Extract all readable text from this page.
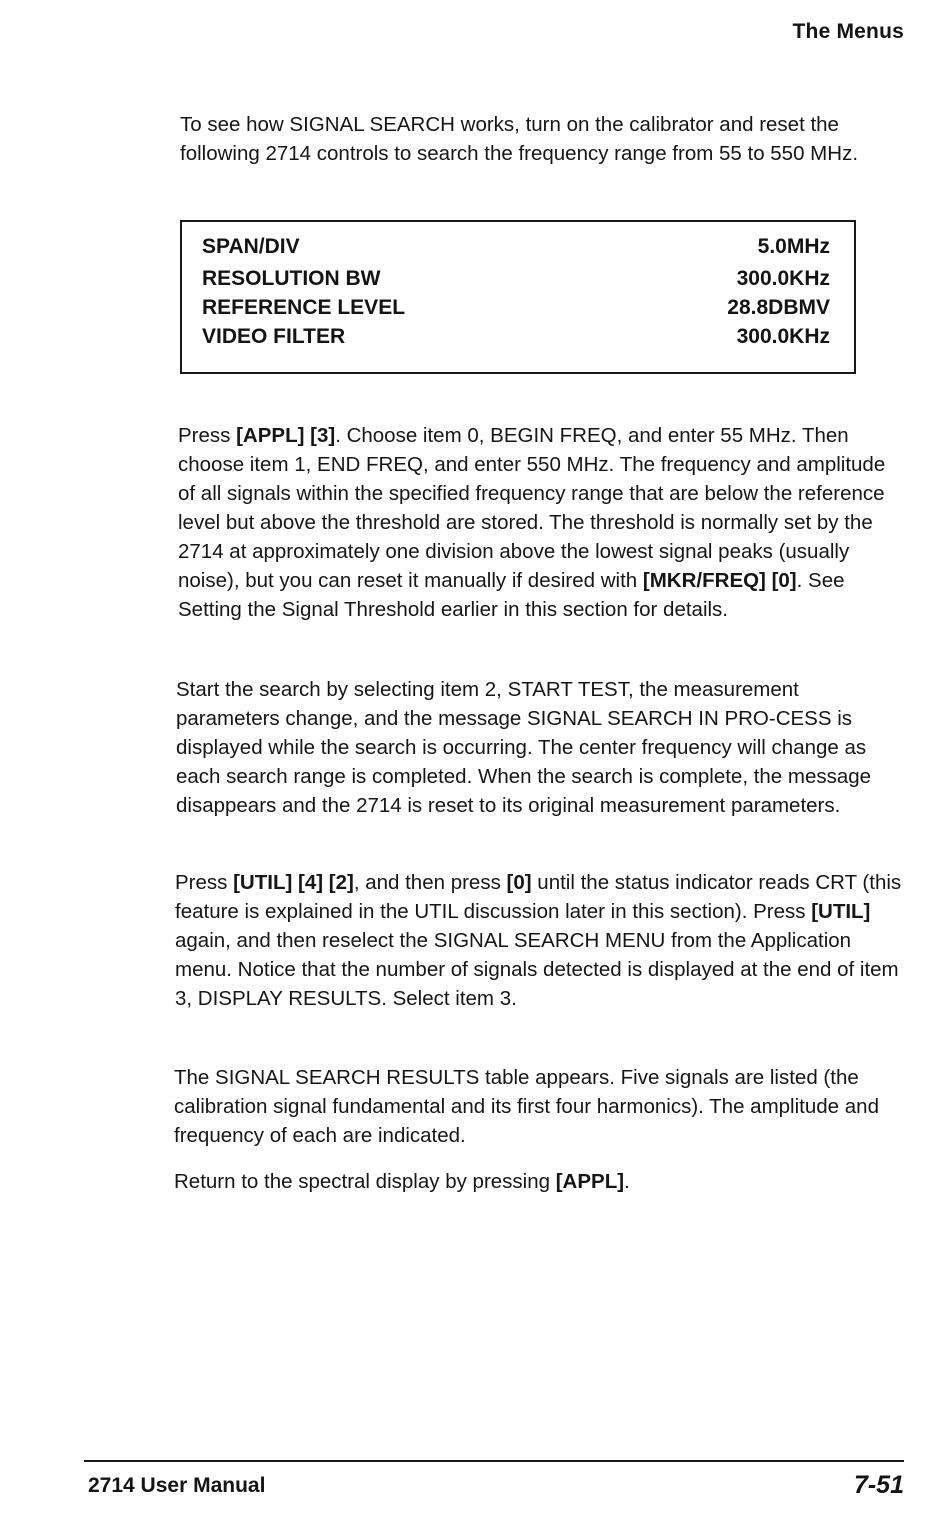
The Menus

To see how SIGNAL SEARCH works, turn on the calibrator and reset the following 2714 controls to search the frequency range from 55 to 550 MHz.

SPAN/DIV	5.0MHz
RESOLUTION BW	300.0KHz
REFERENCE LEVEL	28.8DBMV
VIDEO FILTER	300.0KHz

Press [APPL] [3]. Choose item 0, BEGIN FREQ, and enter 55 MHz. Then choose item 1, END FREQ, and enter 550 MHz. The frequency and amplitude of all signals within the specified frequency range that are below the reference level but above the threshold are stored. The threshold is normally set by the 2714 at approximately one division above the lowest signal peaks (usually noise), but you can reset it manually if desired with [MKR/FREQ] [0]. See Setting the Signal Threshold earlier in this section for details.

Start the search by selecting item 2, START TEST, the measurement parameters change, and the message SIGNAL SEARCH IN PRO-CESS is displayed while the search is occurring. The center frequency will change as each search range is completed. When the search is complete, the message disappears and the 2714 is reset to its original measurement parameters.

Press [UTIL] [4] [2], and then press [0] until the status indicator reads CRT (this feature is explained in the UTIL discussion later in this section). Press [UTIL] again, and then reselect the SIGNAL SEARCH MENU from the Application menu. Notice that the number of signals detected is displayed at the end of item 3, DISPLAY RESULTS. Select item 3.

The SIGNAL SEARCH RESULTS table appears. Five signals are listed (the calibration signal fundamental and its first four harmonics). The amplitude and frequency of each are indicated.

Return to the spectral display by pressing [APPL].

2714 User Manual	7-51
